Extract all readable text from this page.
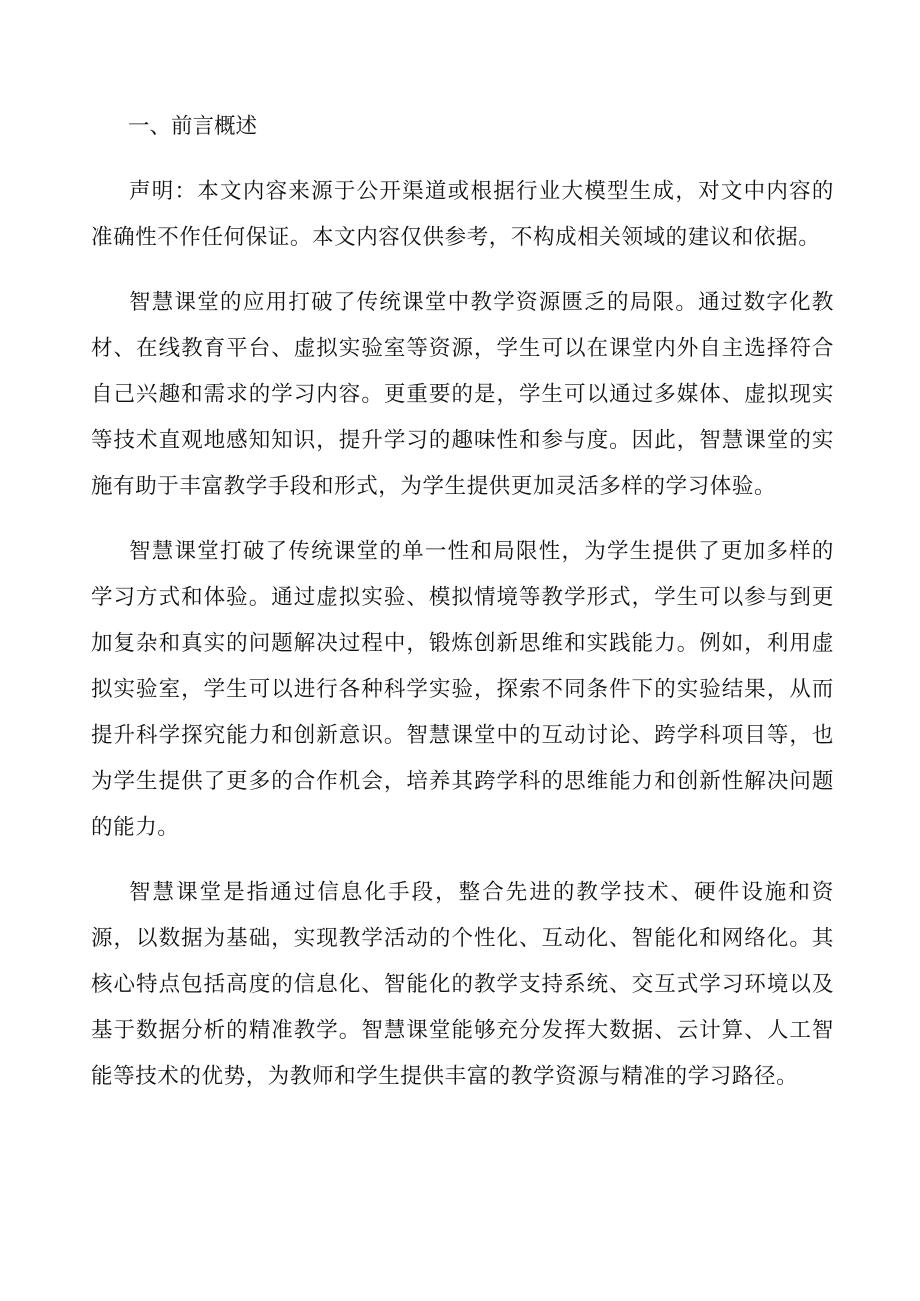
一、前言概述

声明：本文内容来源于公开渠道或根据行业大模型生成，对文中内容的准确性不作任何保证。本文内容仅供参考，不构成相关领域的建议和依据。

智慧课堂的应用打破了传统课堂中教学资源匮乏的局限。通过数字化教材、在线教育平台、虚拟实验室等资源，学生可以在课堂内外自主选择符合自己兴趣和需求的学习内容。更重要的是，学生可以通过多媒体、虚拟现实等技术直观地感知知识，提升学习的趣味性和参与度。因此，智慧课堂的实施有助于丰富教学手段和形式，为学生提供更加灵活多样的学习体验。

智慧课堂打破了传统课堂的单一性和局限性，为学生提供了更加多样的学习方式和体验。通过虚拟实验、模拟情境等教学形式，学生可以参与到更加复杂和真实的问题解决过程中，锻炼创新思维和实践能力。例如，利用虚拟实验室，学生可以进行各种科学实验，探索不同条件下的实验结果，从而提升科学探究能力和创新意识。智慧课堂中的互动讨论、跨学科项目等，也为学生提供了更多的合作机会，培养其跨学科的思维能力和创新性解决问题的能力。

智慧课堂是指通过信息化手段，整合先进的教学技术、硬件设施和资源，以数据为基础，实现教学活动的个性化、互动化、智能化和网络化。其核心特点包括高度的信息化、智能化的教学支持系统、交互式学习环境以及基于数据分析的精准教学。智慧课堂能够充分发挥大数据、云计算、人工智能等技术的优势，为教师和学生提供丰富的教学资源与精准的学习路径。
